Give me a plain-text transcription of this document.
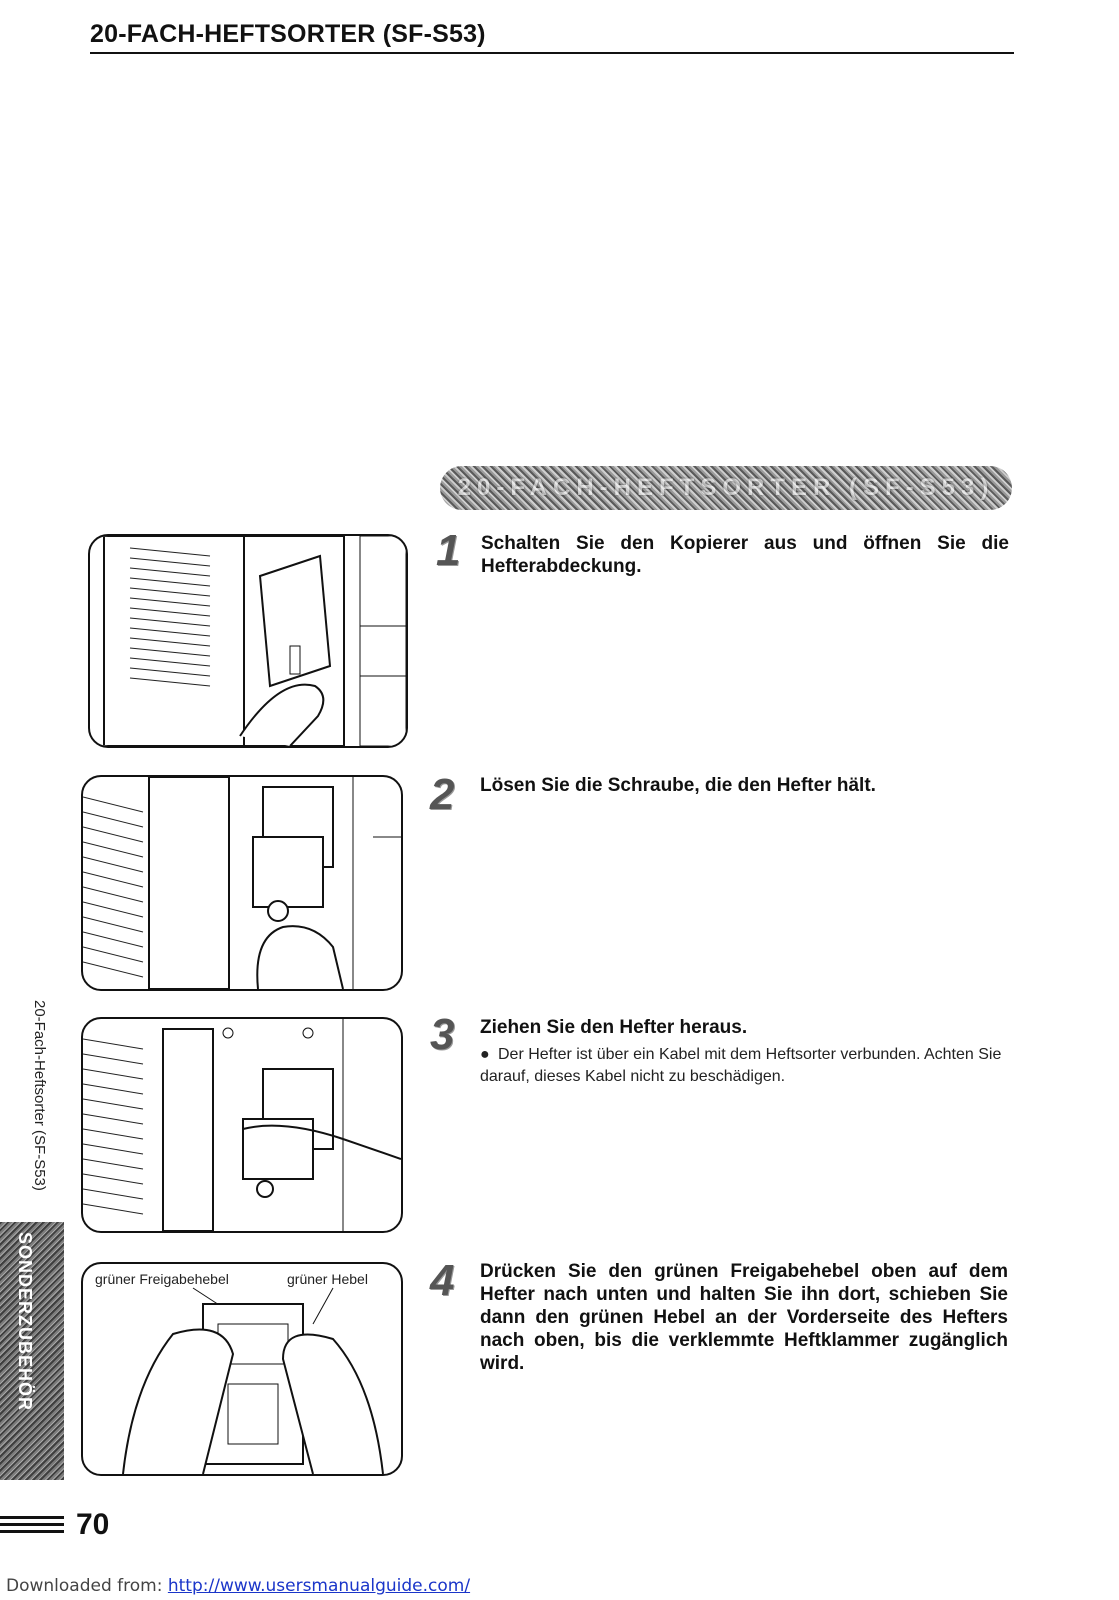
20-FACH-HEFTSORTER (SF-S53)
20-FACH-HEFTSORTER (SF-S53)
1 Schalten Sie den Kopierer aus und öffnen Sie die Hefterabdeckung.
2 Lösen Sie die Schraube, die den Hefter hält.
3 Ziehen Sie den Hefter heraus.
● Der Hefter ist über ein Kabel mit dem Heftsorter verbunden. Achten Sie darauf, dieses Kabel nicht zu beschädigen.
grüner Freigabehebel	grüner Hebel 4 Drücken Sie den grünen Freigabehebel oben auf dem Hefter nach unten und halten Sie ihn dort, schieben Sie dann den grünen Hebel an der Vorderseite des Hefters nach oben, bis die verklemmte Heftklammer zugänglich wird.
20-Fach-Heftsorter (SF-S53)
SONDERZUBEHÖR
70
Downloaded from: http://www.usersmanualguide.com/
